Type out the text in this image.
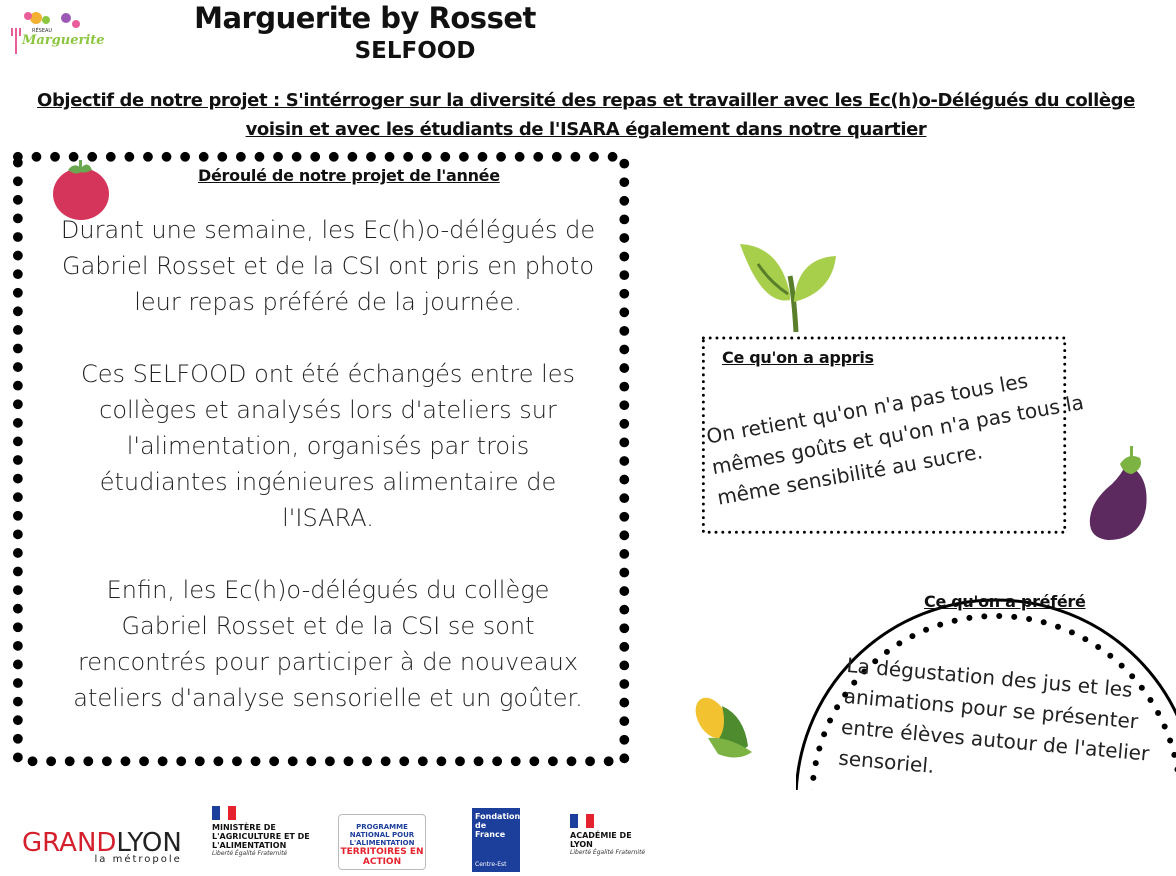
RÉSEAU
Marguerite
Marguerite by Rosset
SELFOOD
Objectif de notre projet : S'intérroger sur la diversité des repas et travailler avec les Ec(h)o-Délégués du collège voisin et avec les étudiants de l'ISARA également dans notre quartier
Déroulé de notre projet de l'année

Durant une semaine, les Ec(h)o-délégués de Gabriel Rosset et de la CSI ont pris en photo leur repas préféré de la journée.

Ces SELFOOD ont été échangés entre les collèges et analysés lors d'ateliers sur l'alimentation, organisés par trois étudiantes ingénieures alimentaire de l'ISARA.

Enfin, les Ec(h)o-délégués du collège Gabriel Rosset et de la CSI se sont rencontrés pour participer à de nouveaux ateliers d'analyse sensorielle et un goûter.

Ce qu'on a appris
On retient qu'on n'a pas tous les mêmes goûts et qu'on n'a pas tous la même sensibilité au sucre.
Ce qu'on a préféré
La dégustation des jus et les animations pour se présenter entre élèves autour de l'atelier sensoriel.
GRANDLYON
la métropole
MINISTÈRE DE L'AGRICULTURE ET DE L'ALIMENTATION
Liberté Égalité Fraternité
PROGRAMME NATIONAL POUR L'ALIMENTATION
TERRITOIRES EN ACTION
Fondation de France
Centre-Est
ACADÉMIE DE LYON
Liberté Égalité Fraternité
